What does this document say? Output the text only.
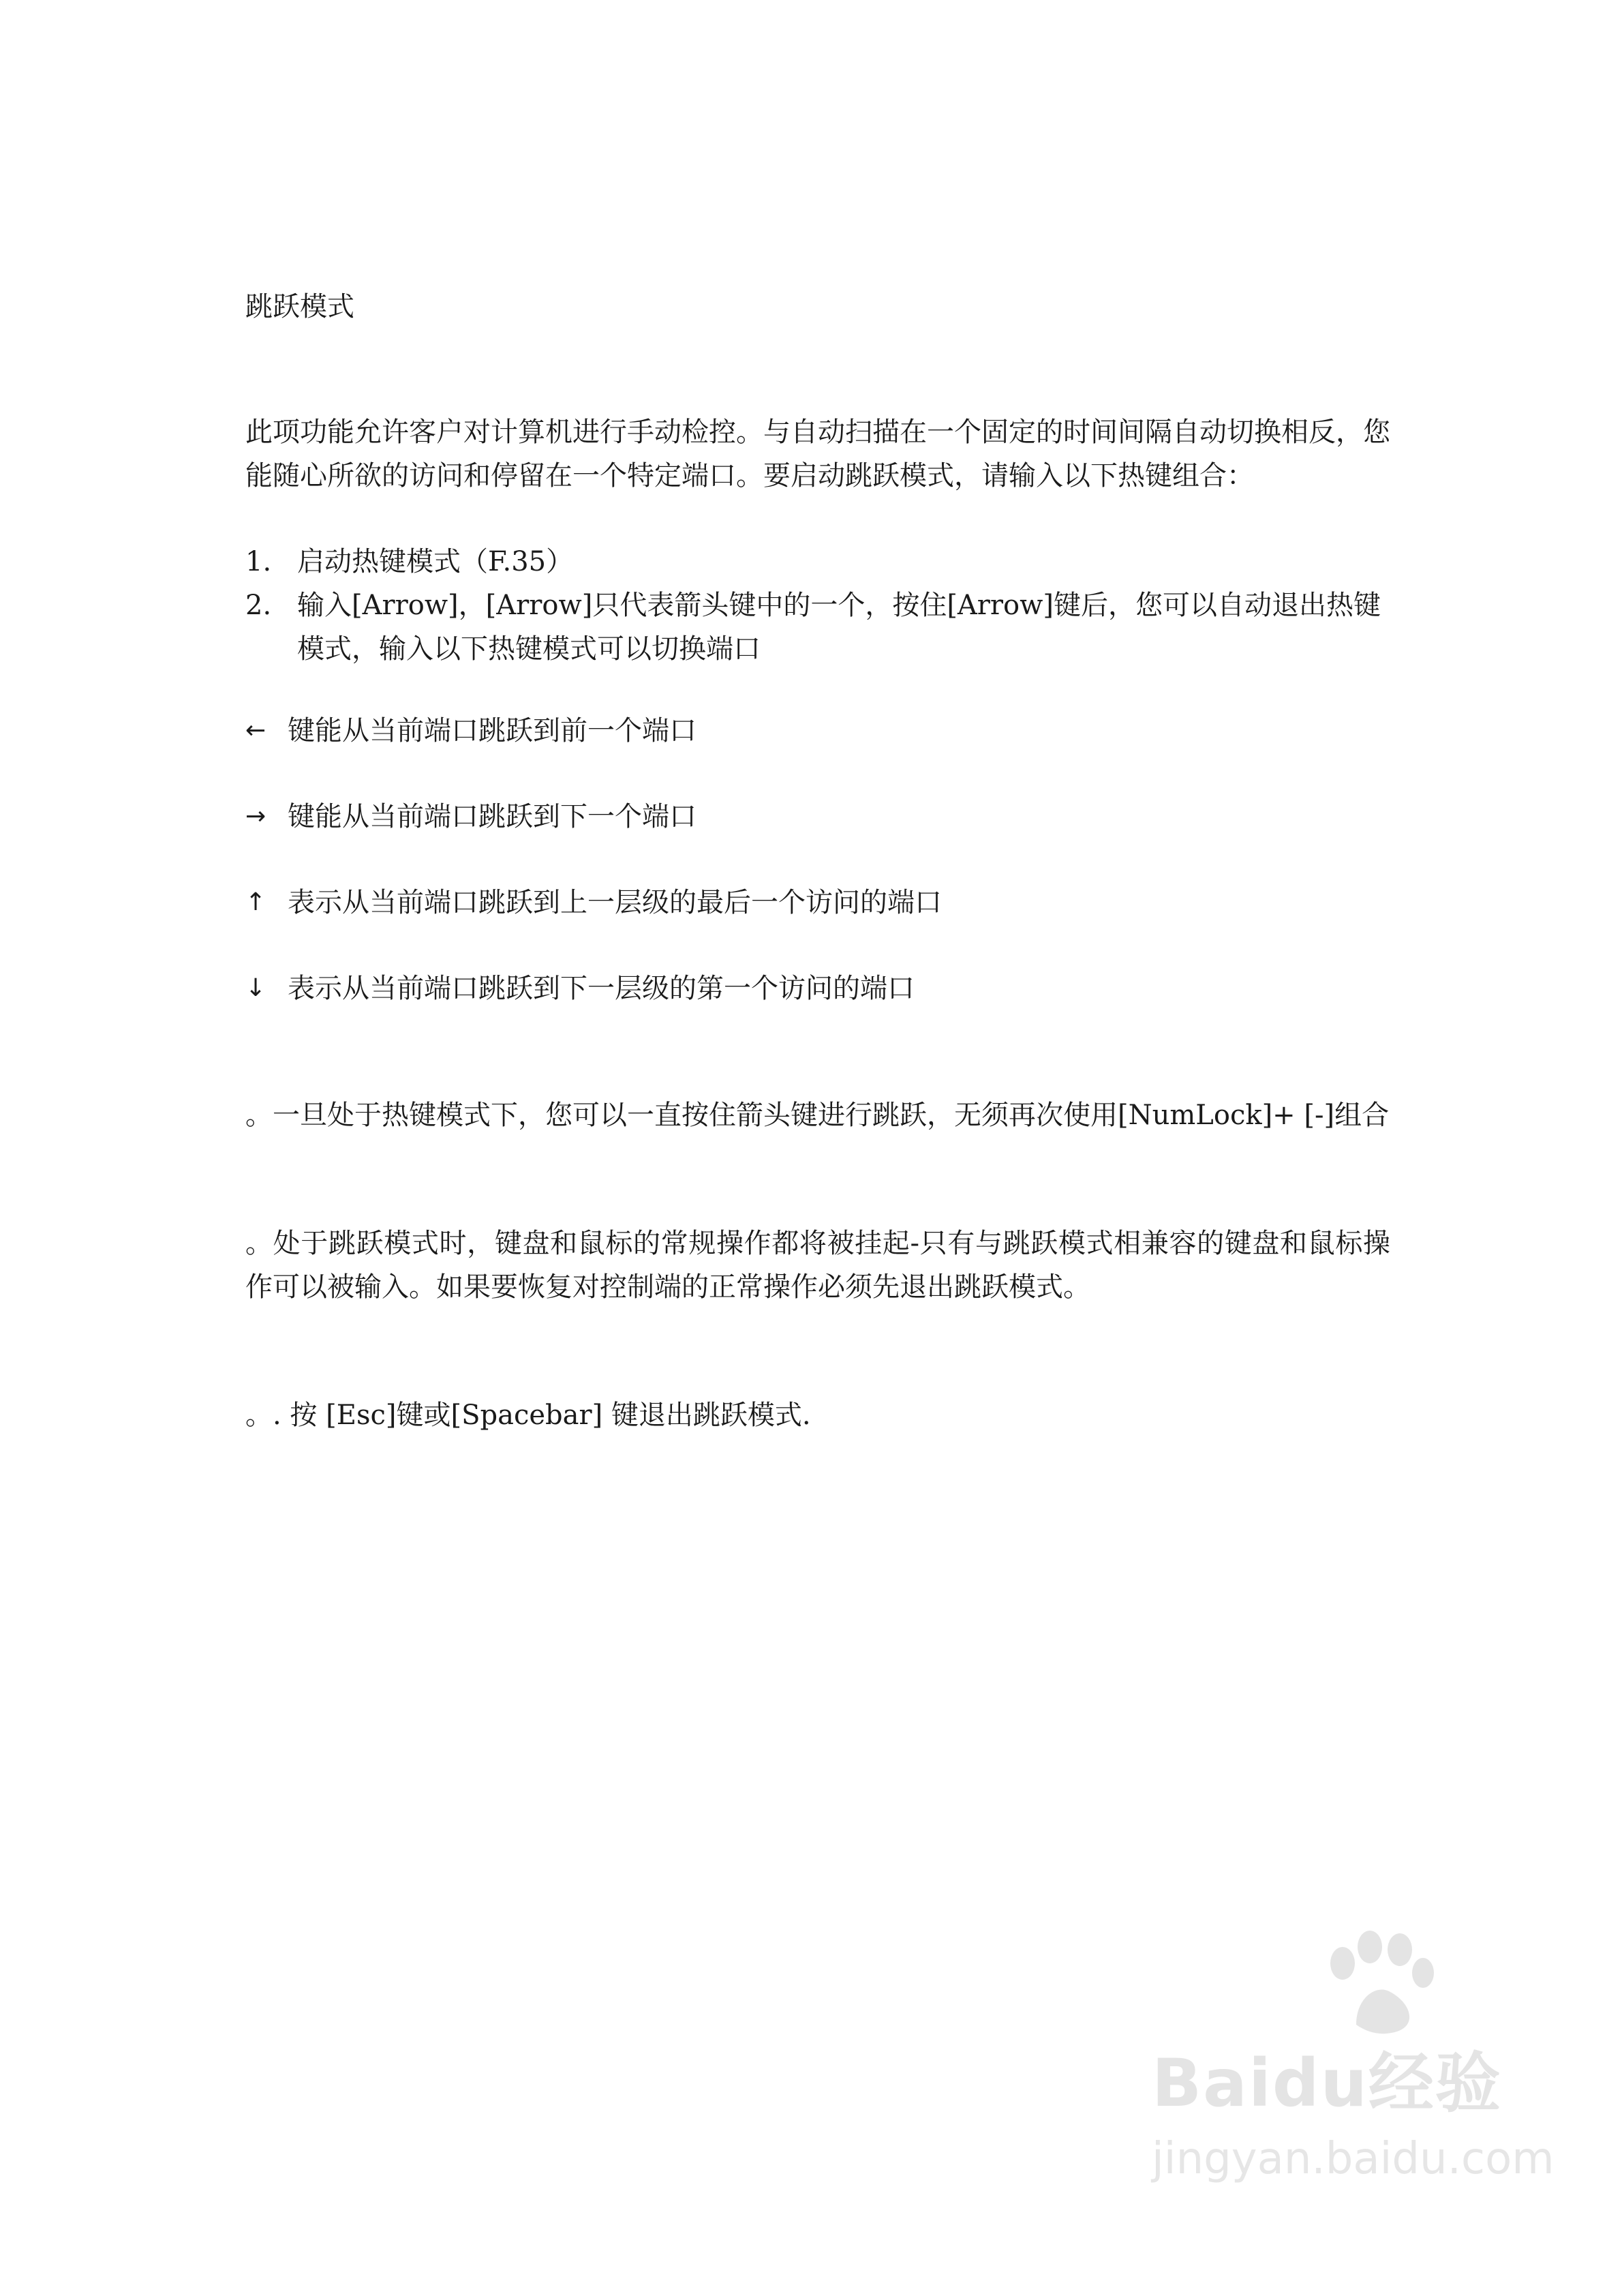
跳跃模式
此项功能允许客户对计算机进行手动检控。与自动扫描在一个固定的时间间隔自动切换相反，您能随心所欲的访问和停留在一个特定端口。要启动跳跃模式，请输入以下热键组合：
1. 启动热键模式（F.35）
2. 输入[Arrow]，[Arrow]只代表箭头键中的一个，按住[Arrow]键后，您可以自动退出热键模式，输入以下热键模式可以切换端口
← 键能从当前端口跳跃到前一个端口
→ 键能从当前端口跳跃到下一个端口
↑ 表示从当前端口跳跃到上一层级的最后一个访问的端口
↓ 表示从当前端口跳跃到下一层级的第一个访问的端口
。一旦处于热键模式下，您可以一直按住箭头键进行跳跃，无须再次使用[NumLock]+ [-]组合
。处于跳跃模式时，键盘和鼠标的常规操作都将被挂起-只有与跳跃模式相兼容的键盘和鼠标操作可以被输入。如果要恢复对控制端的正常操作必须先退出跳跃模式。
。. 按 [Esc]键或[Spacebar] 键退出跳跃模式.
Baidu经验
jingyan.baidu.com
